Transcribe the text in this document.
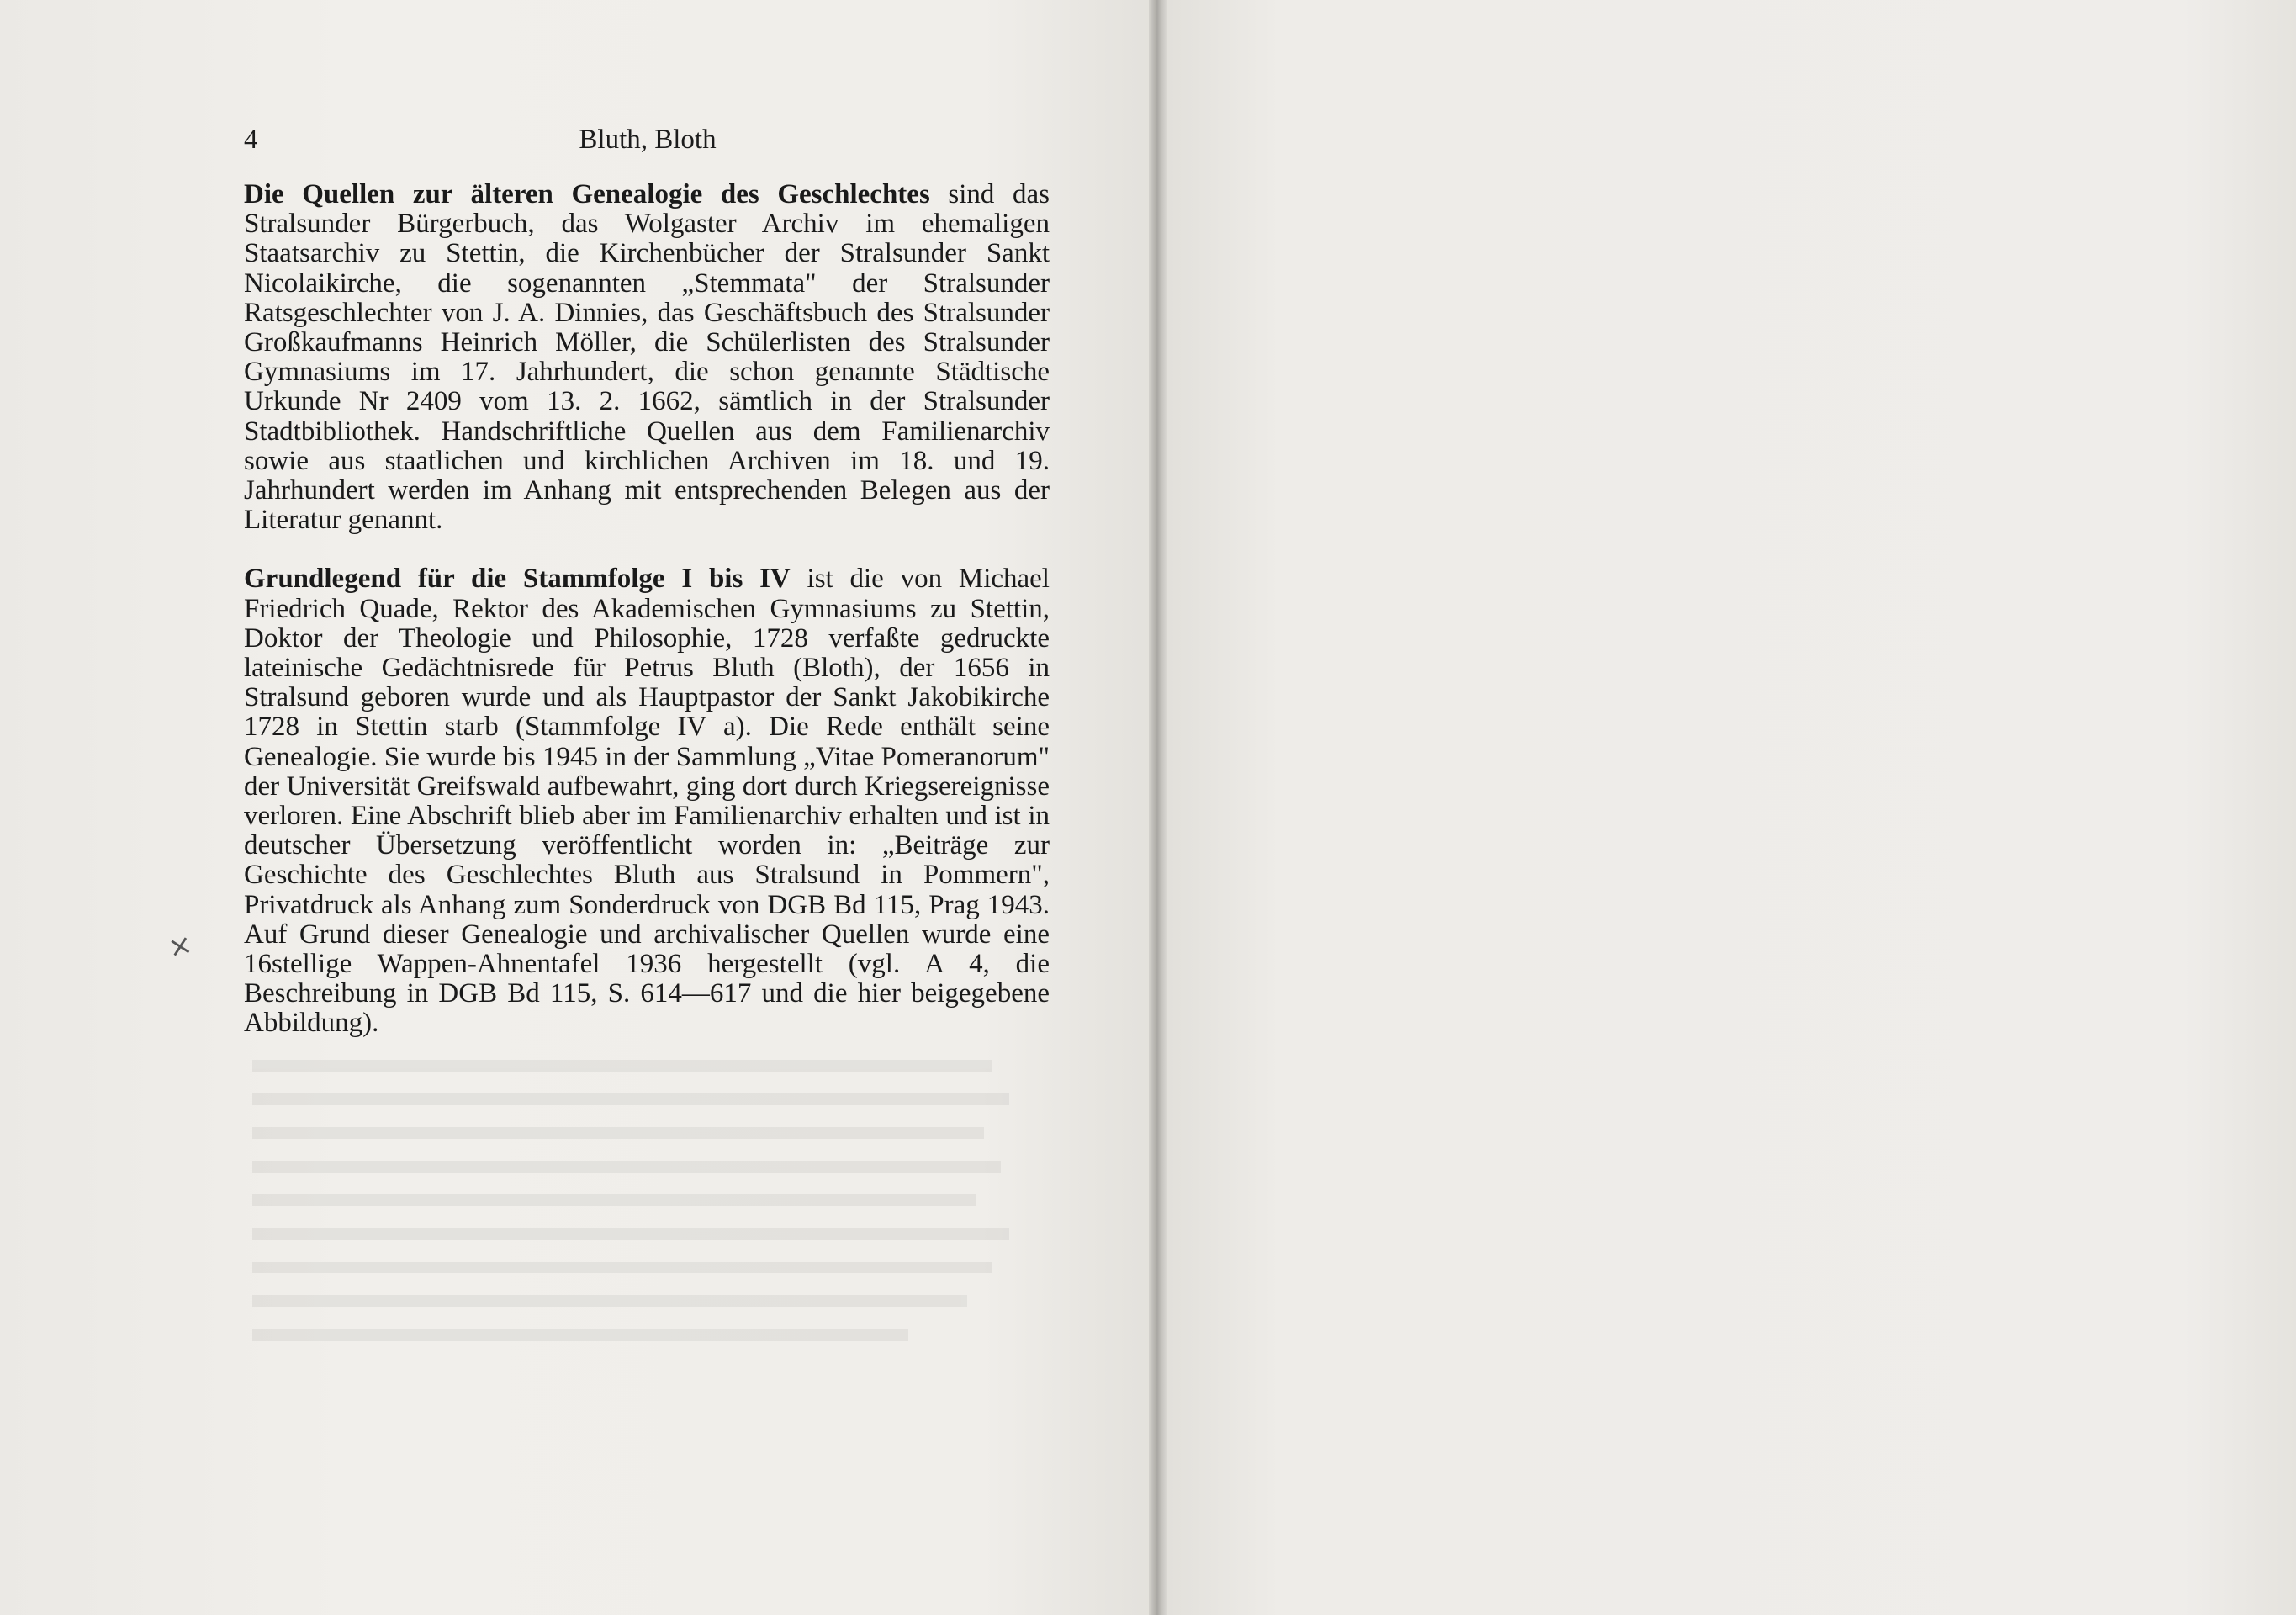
4	Bluth, Bloth

Die Quellen zur älteren Genealogie des Geschlechtes sind das Stralsunder Bürgerbuch, das Wolgaster Archiv im ehemaligen Staatsarchiv zu Stettin, die Kirchenbücher der Stralsunder Sankt Nicolaikirche, die sogenannten „Stemmata" der Stralsunder Ratsgeschlechter von J. A. Dinnies, das Geschäftsbuch des Stralsunder Großkaufmanns Heinrich Möller, die Schülerlisten des Stralsunder Gymnasiums im 17. Jahrhundert, die schon genannte Städtische Urkunde Nr 2409 vom 13. 2. 1662, sämtlich in der Stralsunder Stadtbibliothek. Handschriftliche Quellen aus dem Familienarchiv sowie aus staatlichen und kirchlichen Archiven im 18. und 19. Jahrhundert werden im Anhang mit entsprechenden Belegen aus der Literatur genannt.

Grundlegend für die Stammfolge I bis IV ist die von Michael Friedrich Quade, Rektor des Akademischen Gymnasiums zu Stettin, Doktor der Theologie und Philosophie, 1728 verfaßte gedruckte lateinische Gedächtnisrede für Petrus Bluth (Bloth), der 1656 in Stralsund geboren wurde und als Hauptpastor der Sankt Jakobikirche 1728 in Stettin starb (Stammfolge IV a). Die Rede enthält seine Genealogie. Sie wurde bis 1945 in der Sammlung „Vitae Pomeranorum" der Universität Greifswald aufbewahrt, ging dort durch Kriegsereignisse verloren. Eine Abschrift blieb aber im Familienarchiv erhalten und ist in deutscher Übersetzung veröffentlicht worden in: „Beiträge zur Geschichte des Geschlechtes Bluth aus Stralsund in Pommern", Privatdruck als Anhang zum Sonderdruck von DGB Bd 115, Prag 1943. Auf Grund dieser Genealogie und archivalischer Quellen wurde eine 16stellige Wappen-Ahnentafel 1936 hergestellt (vgl. A 4, die Beschreibung in DGB Bd 115, S. 614—617 und die hier beigegebene Abbildung).

×
